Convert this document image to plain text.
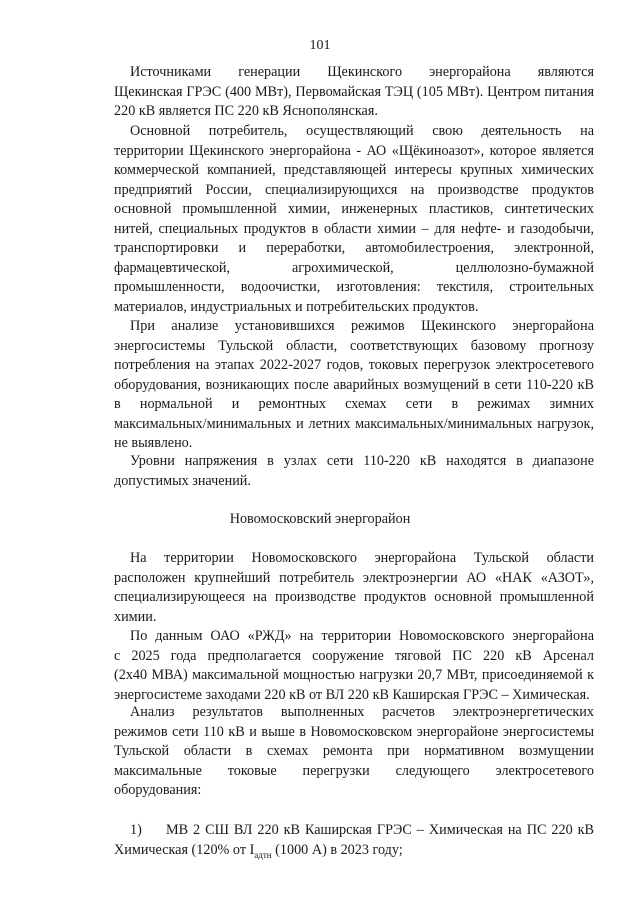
101

Источниками генерации Щекинского энергорайона являются
Щекинская ГРЭС (400 МВт), Первомайская ТЭЦ (105 МВт). Центром питания
220 кВ является ПС 220 кВ Яснополянская.

Основной потребитель, осуществляющий свою деятельность на
территории Щекинского энергорайона - АО «Щёкиноазот», которое является
коммерческой компанией, представляющей интересы крупных химических
предприятий России, специализирующихся на производстве продуктов
основной промышленной химии, инженерных пластиков, синтетических
нитей, специальных продуктов в области химии – для нефте- и газодобычи,
транспортировки и переработки, автомобилестроения, электронной,
фармацевтической, агрохимической, целлюлозно-бумажной
промышленности, водоочистки, изготовления: текстиля, строительных
материалов, индустриальных и потребительских продуктов.

При анализе установившихся режимов Щекинского энергорайона
энергосистемы Тульской области, соответствующих базовому прогнозу
потребления на этапах 2022-2027 годов, токовых перегрузок электросетевого
оборудования, возникающих после аварийных возмущений в сети 110-220 кВ
в нормальной и ремонтных схемах сети в режимах зимних
максимальных/минимальных и летних максимальных/минимальных нагрузок,
не выявлено.

Уровни напряжения в узлах сети 110-220 кВ находятся в диапазоне
допустимых значений.

Новомосковский энергорайон

На территории Новомосковского энергорайона Тульской области
расположен крупнейший потребитель электроэнергии АО «НАК «АЗОТ»,
специализирующееся на производстве продуктов основной промышленной
химии.

По данным ОАО «РЖД» на территории Новомосковского энергорайона
с 2025 года предполагается сооружение тяговой ПС 220 кВ Арсенал
(2х40 МВА) максимальной мощностью нагрузки 20,7 МВт, присоединяемой к
энергосистеме заходами 220 кВ от ВЛ 220 кВ Каширская ГРЭС – Химическая.

Анализ результатов выполненных расчетов электроэнергетических
режимов сети 110 кВ и выше в Новомосковском энергорайоне энергосистемы
Тульской области в схемах ремонта при нормативном возмущении
максимальные токовые перегрузки следующего электросетевого
оборудования:

1) МВ 2 СШ ВЛ 220 кВ Каширская ГРЭС – Химическая на ПС 220 кВ
Химическая (120% от $I_{адтн}$ (1000 А) в 2023 году;
